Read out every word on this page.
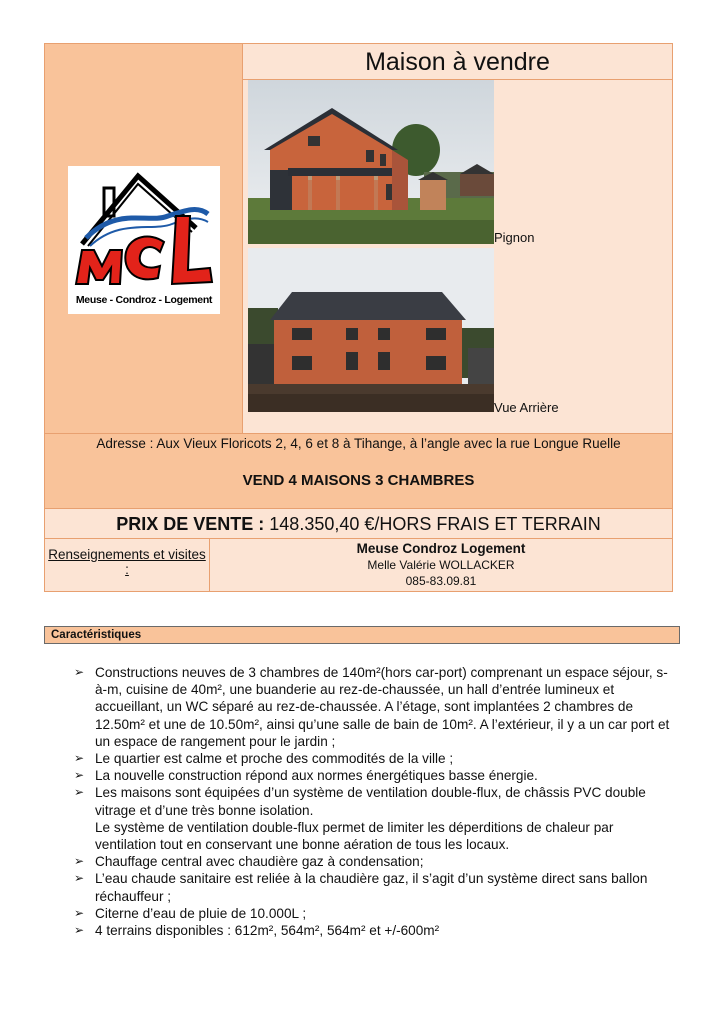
Meuse - Condroz - Logement
Maison à vendre
Pignon
Vue Arrière
Adresse : Aux Vieux Floricots 2, 4, 6 et 8 à Tihange, à l’angle avec la rue Longue Ruelle
VEND 4 MAISONS 3 CHAMBRES
PRIX DE VENTE : 148.350,40 €/HORS FRAIS ET TERRAIN
Renseignements et visites :
Meuse Condroz Logement
Melle Valérie WOLLACKER
085-83.09.81
Caractéristiques
➢ Constructions neuves de 3 chambres de 140m²(hors car-port) comprenant un espace séjour, s-à-m, cuisine de 40m², une buanderie au rez-de-chaussée, un hall d’entrée lumineux et accueillant, un WC séparé au rez-de-chaussée. A l’étage, sont implantées 2 chambres de 12.50m² et une de 10.50m², ainsi qu’une salle de bain de 10m². A l’extérieur, il y a un car port et un espace de rangement pour le jardin ;
➢ Le quartier est calme et proche des commodités de la ville ;
➢ La nouvelle construction répond aux normes énergétiques basse énergie.
➢ Les maisons sont équipées d’un système de ventilation double-flux, de châssis PVC double vitrage et d’une très bonne isolation.
Le système de ventilation double-flux permet de limiter les déperditions de chaleur par ventilation tout en conservant une bonne aération de tous les locaux.
➢ Chauffage central avec chaudière gaz à condensation;
➢ L’eau chaude sanitaire est reliée à la chaudière gaz, il s’agit d’un système direct sans ballon réchauffeur ;
➢ Citerne d’eau de pluie de 10.000L ;
➢ 4 terrains disponibles : 612m², 564m², 564m² et +/-600m²
